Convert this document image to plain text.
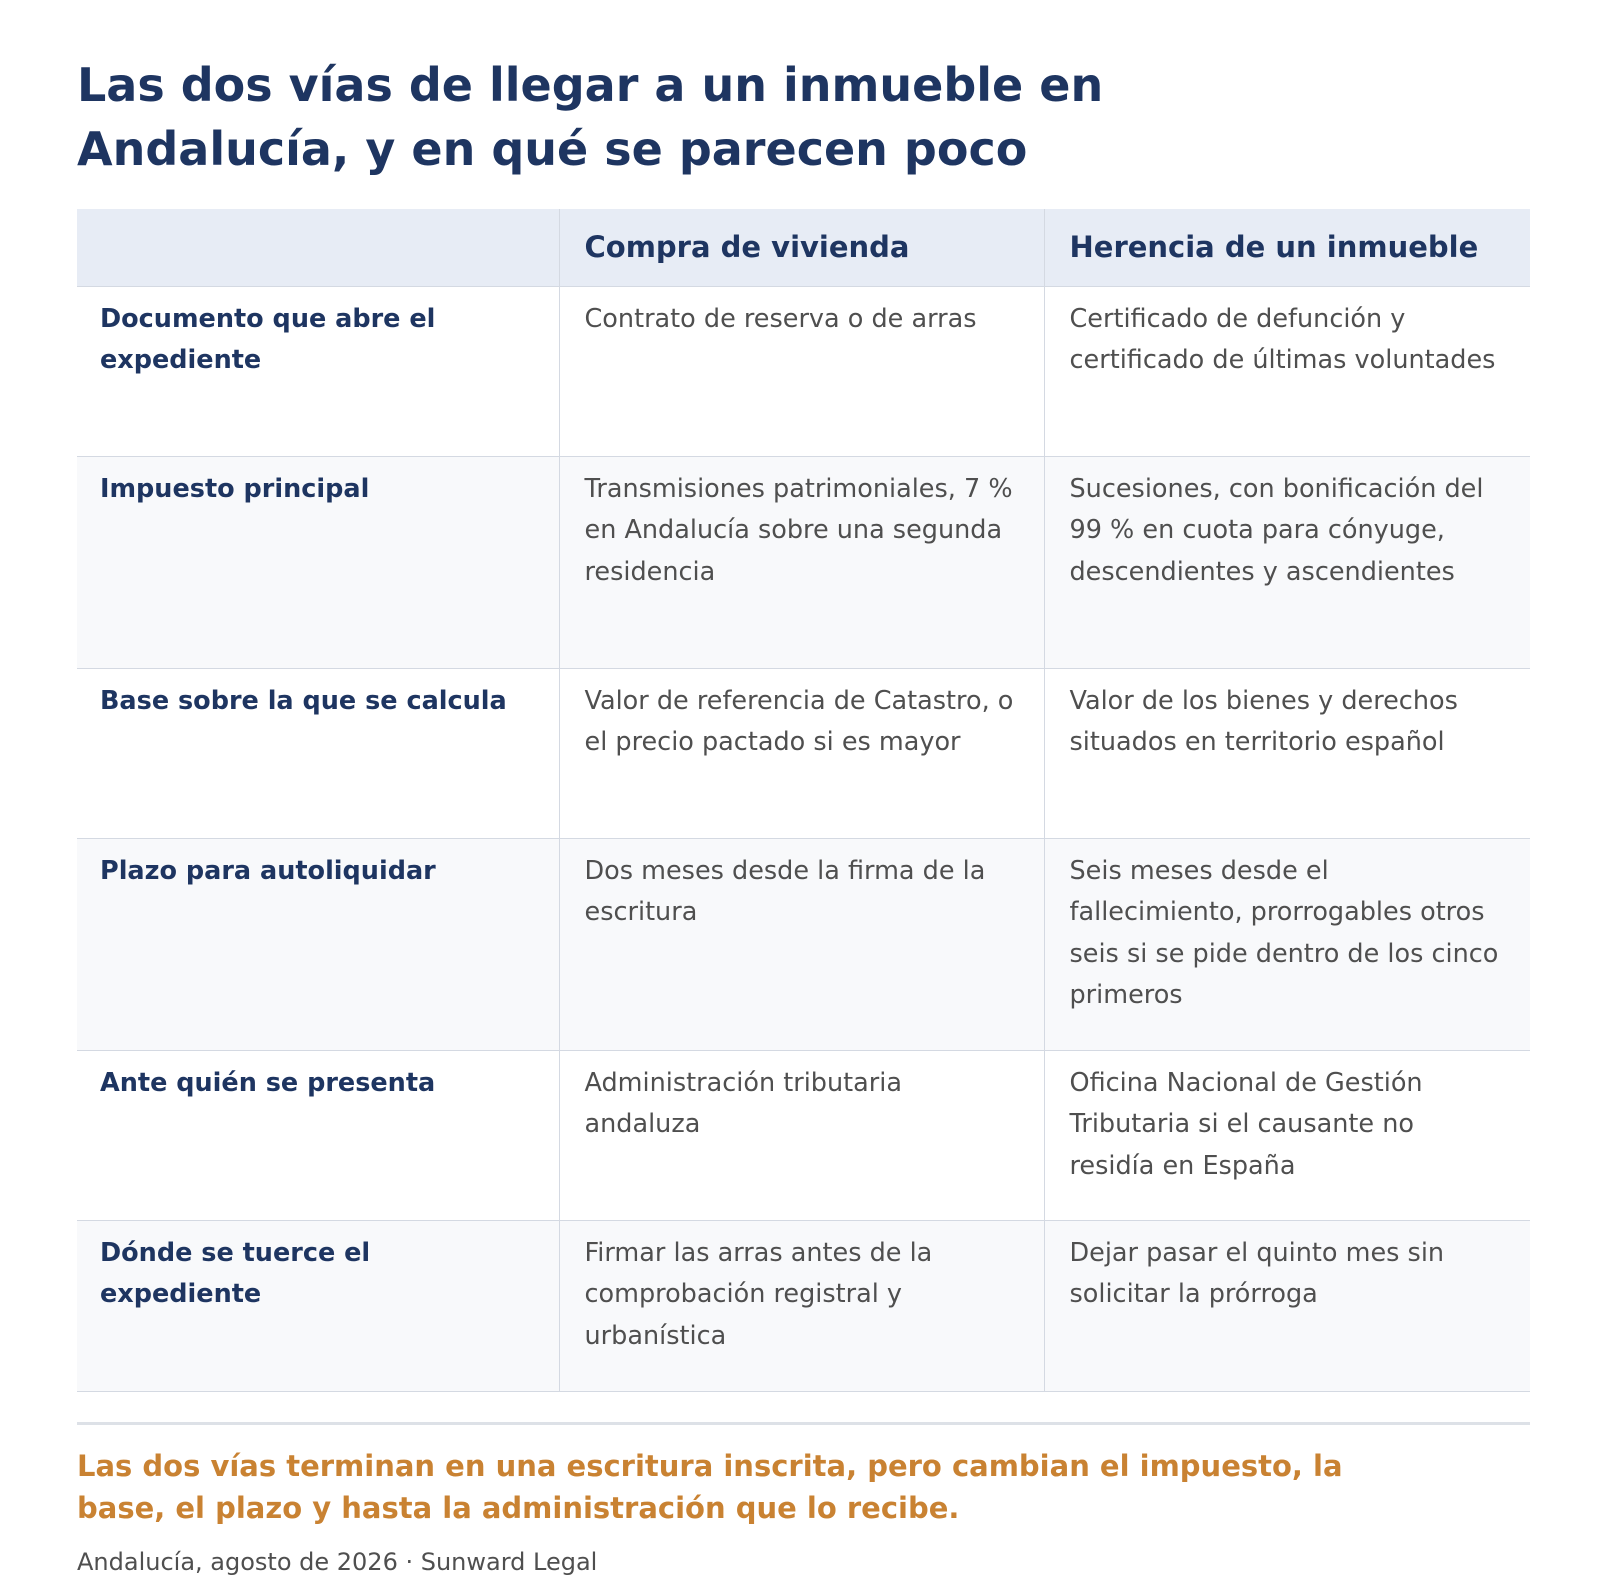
Las dos vías de llegar a un inmueble en Andalucía, y en qué se parecen poco
	Compra de vivienda	Herencia de un inmueble
Documento que abre el expediente	Contrato de reserva o de arras	Certificado de defunción y certificado de últimas voluntades
Impuesto principal	Transmisiones patrimoniales, 7 % en Andalucía sobre una segunda residencia	Sucesiones, con bonificación del 99 % en cuota para cónyuge, descendientes y ascendientes
Base sobre la que se calcula	Valor de referencia de Catastro, o el precio pactado si es mayor	Valor de los bienes y derechos situados en territorio español
Plazo para autoliquidar	Dos meses desde la firma de la escritura	Seis meses desde el fallecimiento, prorrogables otros seis si se pide dentro de los cinco primeros
Ante quién se presenta	Administración tributaria andaluza	Oficina Nacional de Gestión Tributaria si el causante no residía en España
Dónde se tuerce el expediente	Firmar las arras antes de la comprobación registral y urbanística	Dejar pasar el quinto mes sin solicitar la prórroga

Las dos vías terminan en una escritura inscrita, pero cambian el impuesto, la base, el plazo y hasta la administración que lo recibe.

Andalucía, agosto de 2026 · Sunward Legal
